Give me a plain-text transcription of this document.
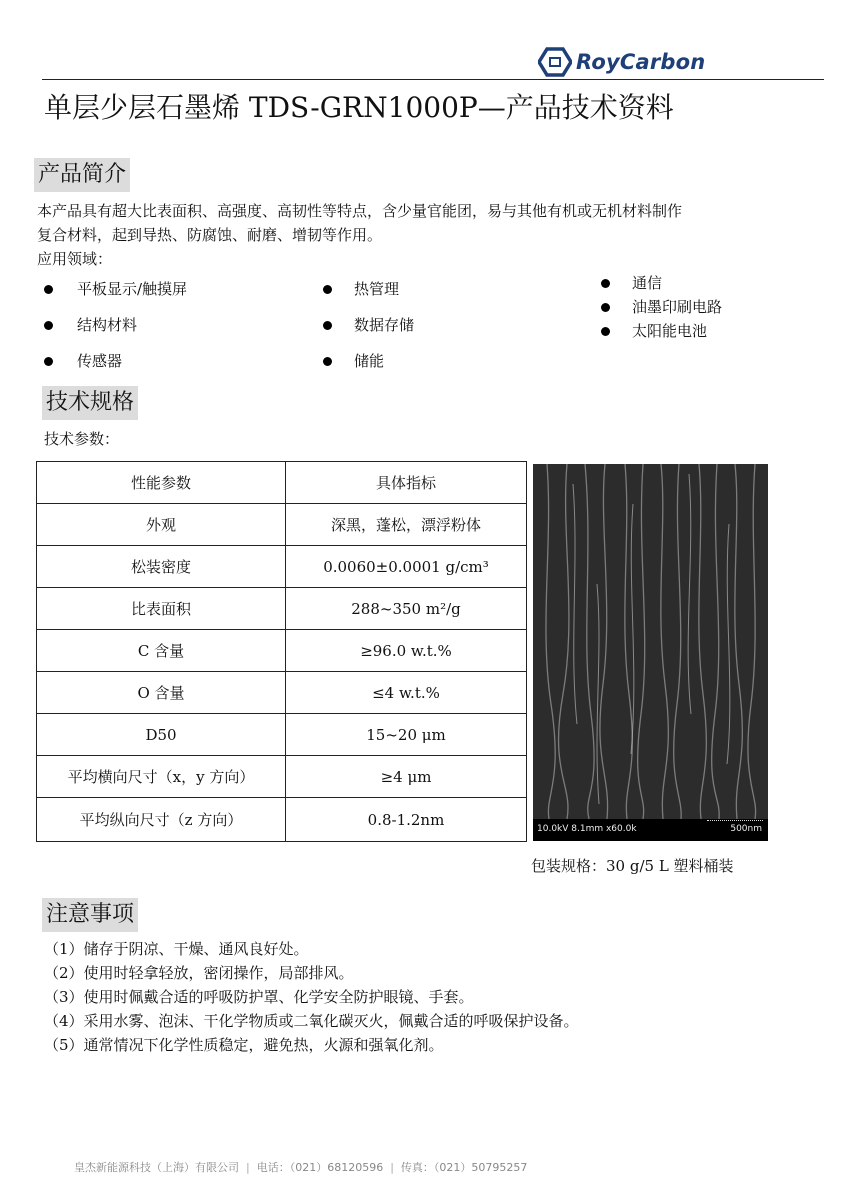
RoyCarbon
单层少层石墨烯 TDS-GRN1000P—产品技术资料
产品简介
本产品具有超大比表面积、高强度、高韧性等特点，含少量官能团，易与其他有机或无机材料制作
复合材料，起到导热、防腐蚀、耐磨、增韧等作用。
应用领域：
平板显示/触摸屏
结构材料
传感器
热管理
数据存储
储能
通信
油墨印刷电路
太阳能电池
技术规格
技术参数：
性能参数	具体指标
外观	深黑，蓬松，漂浮粉体
松装密度	0.0060±0.0001 g/cm³
比表面积	288~350 m²/g
C 含量	≥96.0 w.t.%
O 含量	≤4 w.t.%
D50	15~20 μm
平均横向尺寸（x，y 方向）	≥4 μm
平均纵向尺寸（z 方向）	0.8-1.2nm
10.0kV 8.1mm x60.0k	500nm
包装规格：30 g/5 L 塑料桶装
注意事项
（1）储存于阴凉、干燥、通风良好处。
（2）使用时轻拿轻放，密闭操作，局部排风。
（3）使用时佩戴合适的呼吸防护罩、化学安全防护眼镜、手套。
（4）采用水雾、泡沫、干化学物质或二氧化碳灭火，佩戴合适的呼吸保护设备。
（5）通常情况下化学性质稳定，避免热，火源和强氧化剂。
皇杰新能源科技（上海）有限公司 | 电话：（021）68120596 | 传真：（021）50795257
